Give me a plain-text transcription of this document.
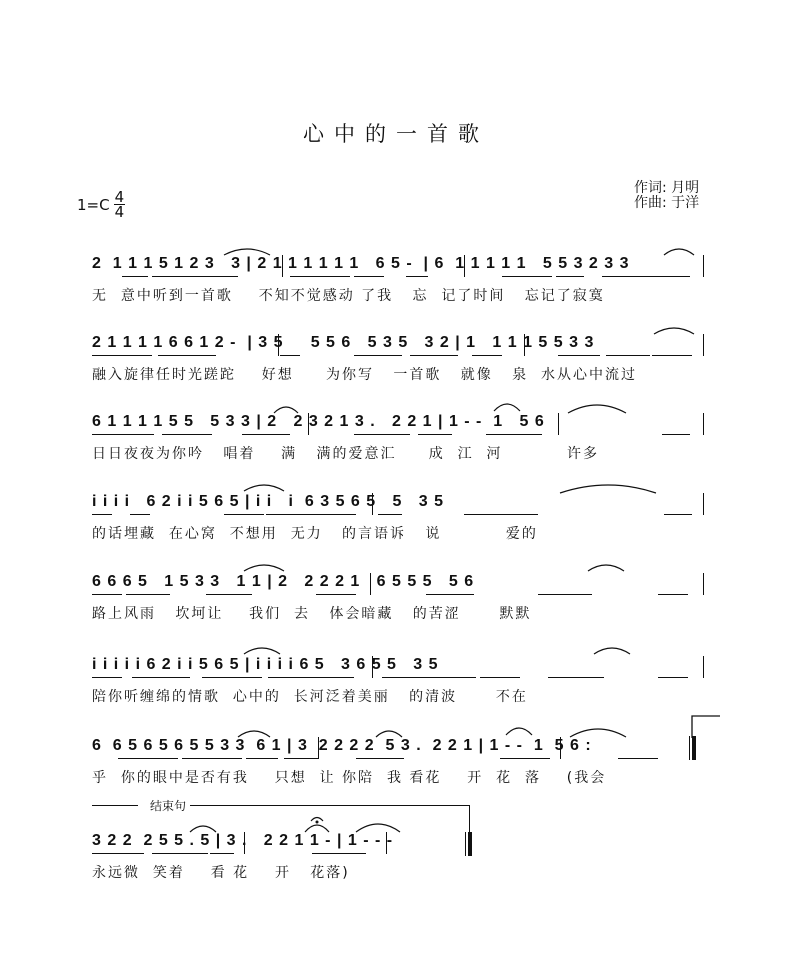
心中的一首歌
$1=C \frac{4}{4}$
作词: 月明
作曲: 于洋
2  1 1 1 5 1 2 3   3 | 2 1 1 1 1 1 1   6 5 -  | 6  1 1 1 1 1   5 5 3 2 3 3
无  意中听到一首歌    不知不觉感动 了我   忘  记了时间   忘记了寂寞
2 1 1 1 1 6 6 1 2 -  | 3 5     5 5 6   5 3 5   3 2 | 1   1 1 1 5 5 3 3
融入旋律任时光蹉跎    好想     为你写   一首歌   就像   泉  水从心中流过
6 1 1 1 1 5 5   5 3 3 | 2   2 3 2 1 3 .   2 2 1 | 1 - -  1   5 6
日日夜夜为你吟   唱着    满   满的爱意汇     成  江  河          许多
i i i i   6 2 i i 5 6 5 | i i   i  6 3 5 6 5   5   3 5
的话埋藏  在心窝  不想用  无力   的言语诉   说          爱的
6 6 6 5   1 5 3 3   1 1 | 2   2 2 2 1   6 5 5 5   5 6
路上风雨   坎坷让    我们  去   体会暗藏   的苦涩      默默
i i i i i 6 2 i i 5 6 5 | i i i i 6 5   3 6 5 5   3 5
陪你听缠绵的情歌  心中的  长河泛着美丽   的清波      不在
6  6 5 6 5 6 5 5 3 3  6 1 | 3  2 2 2 2  5 3 .  2 2 1 | 1 - -  1  5 6 :
乎  你的眼中是否有我    只想  让 你陪  我 看花    开  花  落    (我会
结束句
3 2 2  2 5 5 . 5 | 3 .   2 2 1 1 - | 1 - - -
永远微  笑着    看 花    开   花落)
